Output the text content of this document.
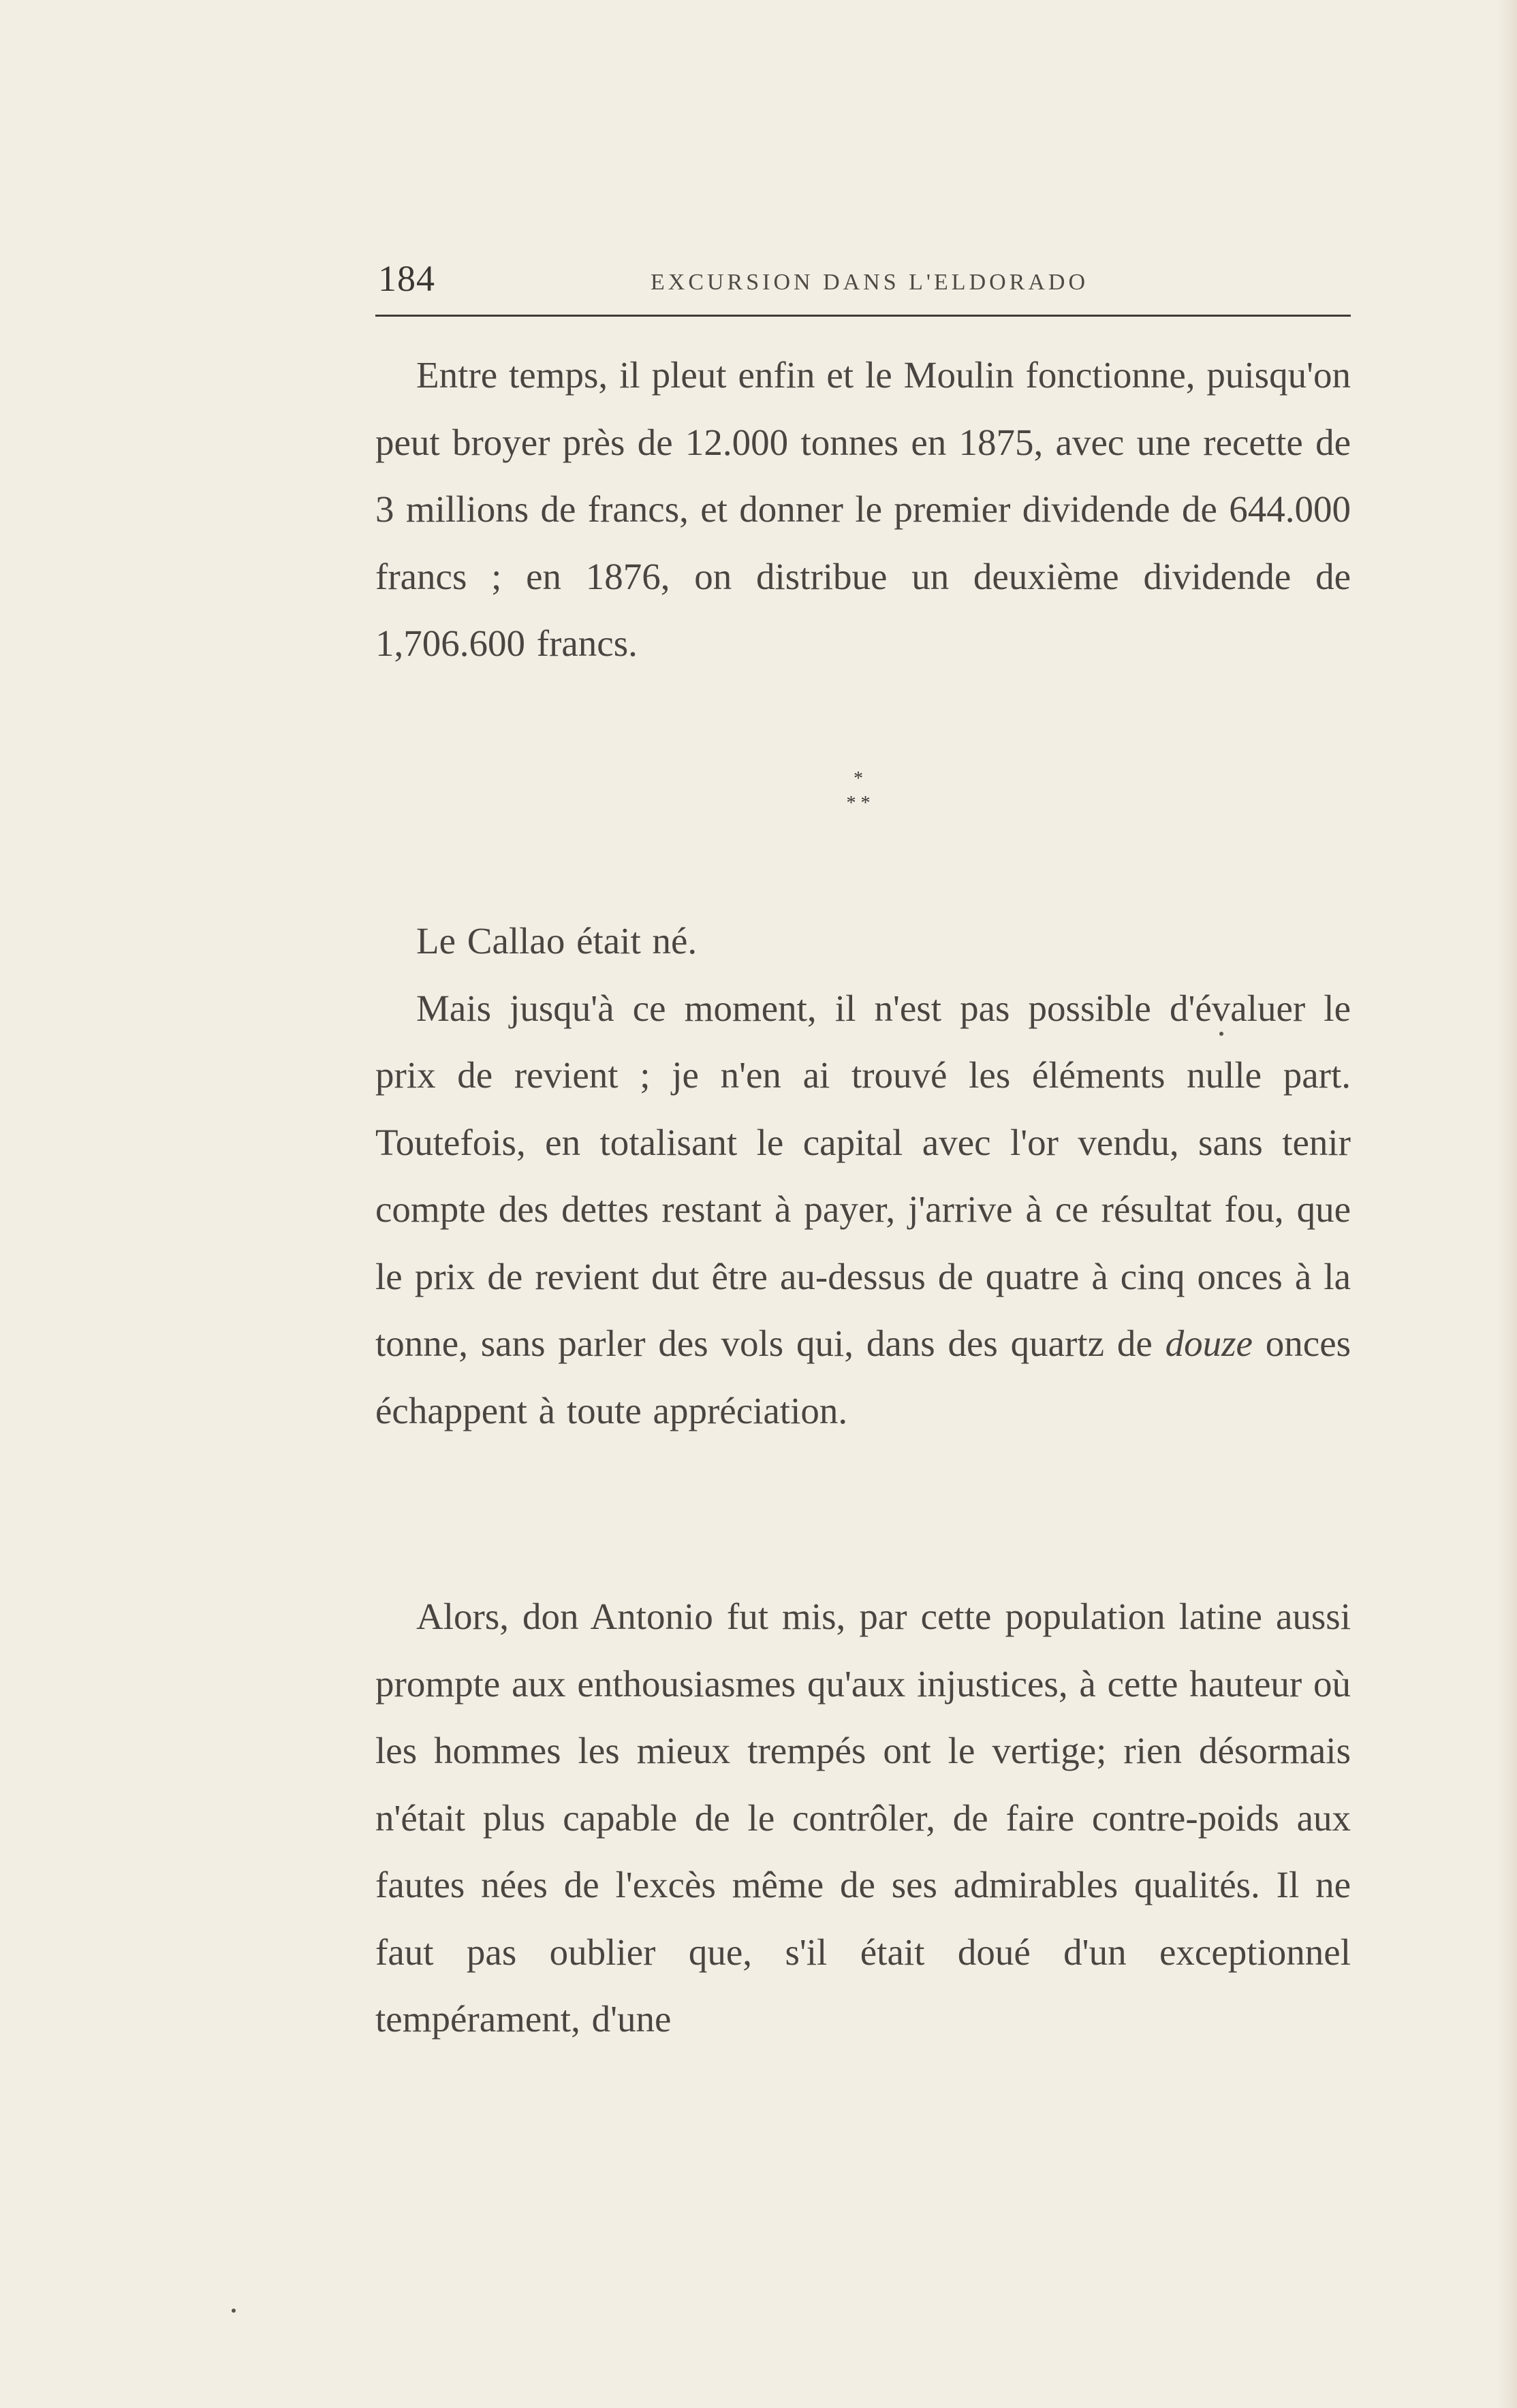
184	EXCURSION DANS L'ELDORADO

Entre temps, il pleut enfin et le Moulin fonctionne, puisqu'on peut broyer près de 12.000 tonnes en 1875, avec une recette de 3 millions de francs, et donner le premier dividende de 644.000 francs ; en 1876, on distribue un deuxième dividende de 1,706.600 francs.

*
* *

Le Callao était né.

Mais jusqu'à ce moment, il n'est pas possible d'évaluer le prix de revient ; je n'en ai trouvé les éléments nulle part. Toutefois, en totalisant le capital avec l'or vendu, sans tenir compte des dettes restant à payer, j'arrive à ce résultat fou, que le prix de revient dut être au-dessus de quatre à cinq onces à la tonne, sans parler des vols qui, dans des quartz de douze onces échappent à toute appréciation.

Alors, don Antonio fut mis, par cette population latine aussi prompte aux enthousiasmes qu'aux injustices, à cette hauteur où les hommes les mieux trempés ont le vertige; rien désormais n'était plus capable de le contrôler, de faire contre-poids aux fautes nées de l'excès même de ses admirables qualités. Il ne faut pas oublier que, s'il était doué d'un exceptionnel tempérament, d'une
